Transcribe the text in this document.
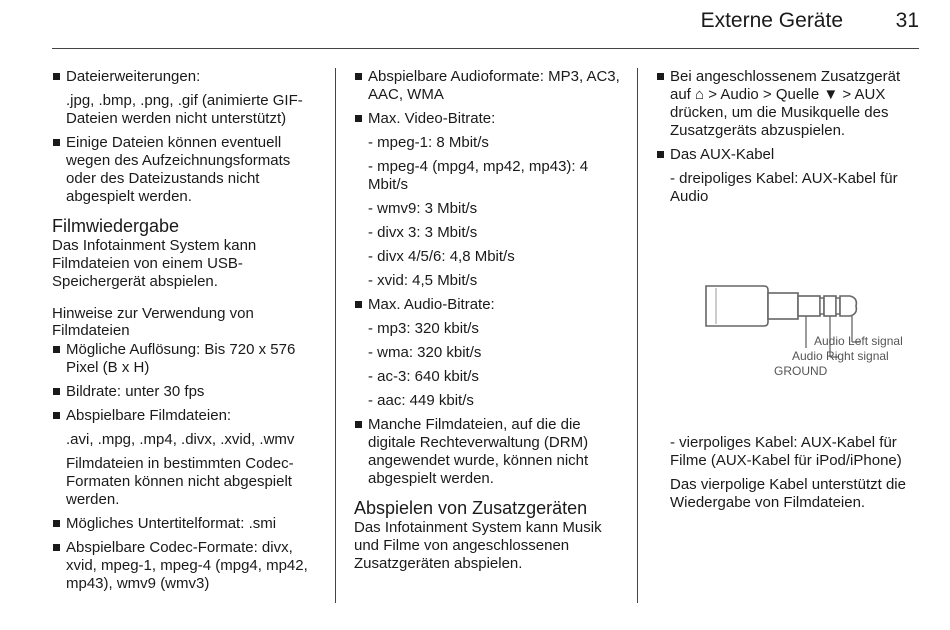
Externe Geräte	31
Dateierweiterungen:
.jpg, .bmp, .png, .gif (animierte GIF-Dateien werden nicht unterstützt)
Einige Dateien können eventuell wegen des Aufzeichnungsformats oder des Dateizustands nicht abgespielt werden.
Filmwiedergabe
Das Infotainment System kann Filmdateien von einem USB-Speichergerät abspielen.
Hinweise zur Verwendung von Filmdateien
Mögliche Auflösung: Bis 720 x 576 Pixel (B x H)
Bildrate: unter 30 fps
Abspielbare Filmdateien:
.avi, .mpg, .mp4, .divx, .xvid, .wmv
Filmdateien in bestimmten Codec-Formaten können nicht abgespielt werden.
Mögliches Untertitelformat: .smi
Abspielbare Codec-Formate: divx, xvid, mpeg-1, mpeg-4 (mpg4, mp42, mp43), wmv9 (wmv3)
Abspielbare Audioformate: MP3, AC3, AAC, WMA
Max. Video-Bitrate:
- mpeg-1: 8 Mbit/s
- mpeg-4 (mpg4, mp42, mp43): 4 Mbit/s
- wmv9: 3 Mbit/s
- divx 3: 3 Mbit/s
- divx 4/5/6: 4,8 Mbit/s
- xvid: 4,5 Mbit/s
Max. Audio-Bitrate:
- mp3: 320 kbit/s
- wma: 320 kbit/s
- ac-3: 640 kbit/s
- aac: 449 kbit/s
Manche Filmdateien, auf die die digitale Rechteverwaltung (DRM) angewendet wurde, können nicht abgespielt werden.
Abspielen von Zusatzgeräten
Das Infotainment System kann Musik und Filme von angeschlossenen Zusatzgeräten abspielen.
Bei angeschlossenem Zusatzgerät auf ⌂ > Audio > Quelle ▼ > AUX drücken, um die Musikquelle des Zusatzgeräts abzuspielen.
Das AUX-Kabel
- dreipoliges Kabel: AUX-Kabel für Audio
Audio Left signal
Audio Right signal
GROUND
- vierpoliges Kabel: AUX-Kabel für Filme (AUX-Kabel für iPod/iPhone)
Das vierpolige Kabel unterstützt die Wiedergabe von Filmdateien.
